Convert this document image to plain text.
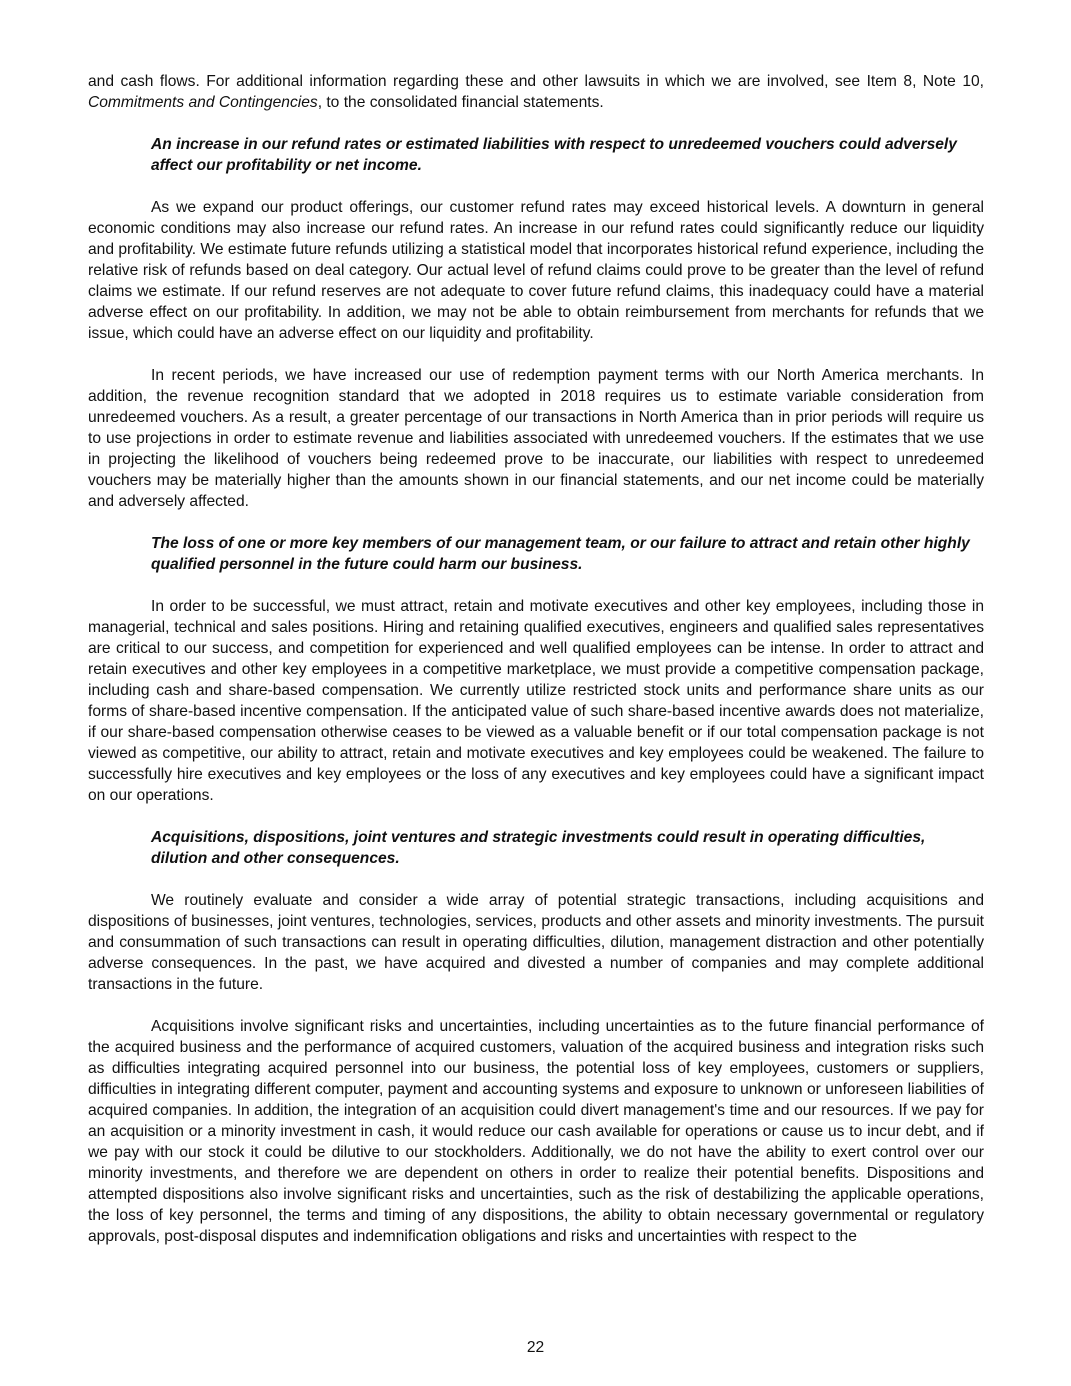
and cash flows. For additional information regarding these and other lawsuits in which we are involved, see Item 8, Note 10, Commitments and Contingencies, to the consolidated financial statements.

An increase in our refund rates or estimated liabilities with respect to unredeemed vouchers could adversely affect our profitability or net income.

As we expand our product offerings, our customer refund rates may exceed historical levels. A downturn in general economic conditions may also increase our refund rates. An increase in our refund rates could significantly reduce our liquidity and profitability. We estimate future refunds utilizing a statistical model that incorporates historical refund experience, including the relative risk of refunds based on deal category. Our actual level of refund claims could prove to be greater than the level of refund claims we estimate. If our refund reserves are not adequate to cover future refund claims, this inadequacy could have a material adverse effect on our profitability. In addition, we may not be able to obtain reimbursement from merchants for refunds that we issue, which could have an adverse effect on our liquidity and profitability.

In recent periods, we have increased our use of redemption payment terms with our North America merchants. In addition, the revenue recognition standard that we adopted in 2018 requires us to estimate variable consideration from unredeemed vouchers. As a result, a greater percentage of our transactions in North America than in prior periods will require us to use projections in order to estimate revenue and liabilities associated with unredeemed vouchers. If the estimates that we use in projecting the likelihood of vouchers being redeemed prove to be inaccurate, our liabilities with respect to unredeemed vouchers may be materially higher than the amounts shown in our financial statements, and our net income could be materially and adversely affected.

The loss of one or more key members of our management team, or our failure to attract and retain other highly qualified personnel in the future could harm our business.

In order to be successful, we must attract, retain and motivate executives and other key employees, including those in managerial, technical and sales positions. Hiring and retaining qualified executives, engineers and qualified sales representatives are critical to our success, and competition for experienced and well qualified employees can be intense. In order to attract and retain executives and other key employees in a competitive marketplace, we must provide a competitive compensation package, including cash and share-based compensation. We currently utilize restricted stock units and performance share units as our forms of share-based incentive compensation. If the anticipated value of such share-based incentive awards does not materialize, if our share-based compensation otherwise ceases to be viewed as a valuable benefit or if our total compensation package is not viewed as competitive, our ability to attract, retain and motivate executives and key employees could be weakened. The failure to successfully hire executives and key employees or the loss of any executives and key employees could have a significant impact on our operations.

Acquisitions, dispositions, joint ventures and strategic investments could result in operating difficulties, dilution and other consequences.

We routinely evaluate and consider a wide array of potential strategic transactions, including acquisitions and dispositions of businesses, joint ventures, technologies, services, products and other assets and minority investments. The pursuit and consummation of such transactions can result in operating difficulties, dilution, management distraction and other potentially adverse consequences. In the past, we have acquired and divested a number of companies and may complete additional transactions in the future.

Acquisitions involve significant risks and uncertainties, including uncertainties as to the future financial performance of the acquired business and the performance of acquired customers, valuation of the acquired business and integration risks such as difficulties integrating acquired personnel into our business, the potential loss of key employees, customers or suppliers, difficulties in integrating different computer, payment and accounting systems and exposure to unknown or unforeseen liabilities of acquired companies. In addition, the integration of an acquisition could divert management's time and our resources. If we pay for an acquisition or a minority investment in cash, it would reduce our cash available for operations or cause us to incur debt, and if we pay with our stock it could be dilutive to our stockholders. Additionally, we do not have the ability to exert control over our minority investments, and therefore we are dependent on others in order to realize their potential benefits. Dispositions and attempted dispositions also involve significant risks and uncertainties, such as the risk of destabilizing the applicable operations, the loss of key personnel, the terms and timing of any dispositions, the ability to obtain necessary governmental or regulatory approvals, post-disposal disputes and indemnification obligations and risks and uncertainties with respect to the

22
